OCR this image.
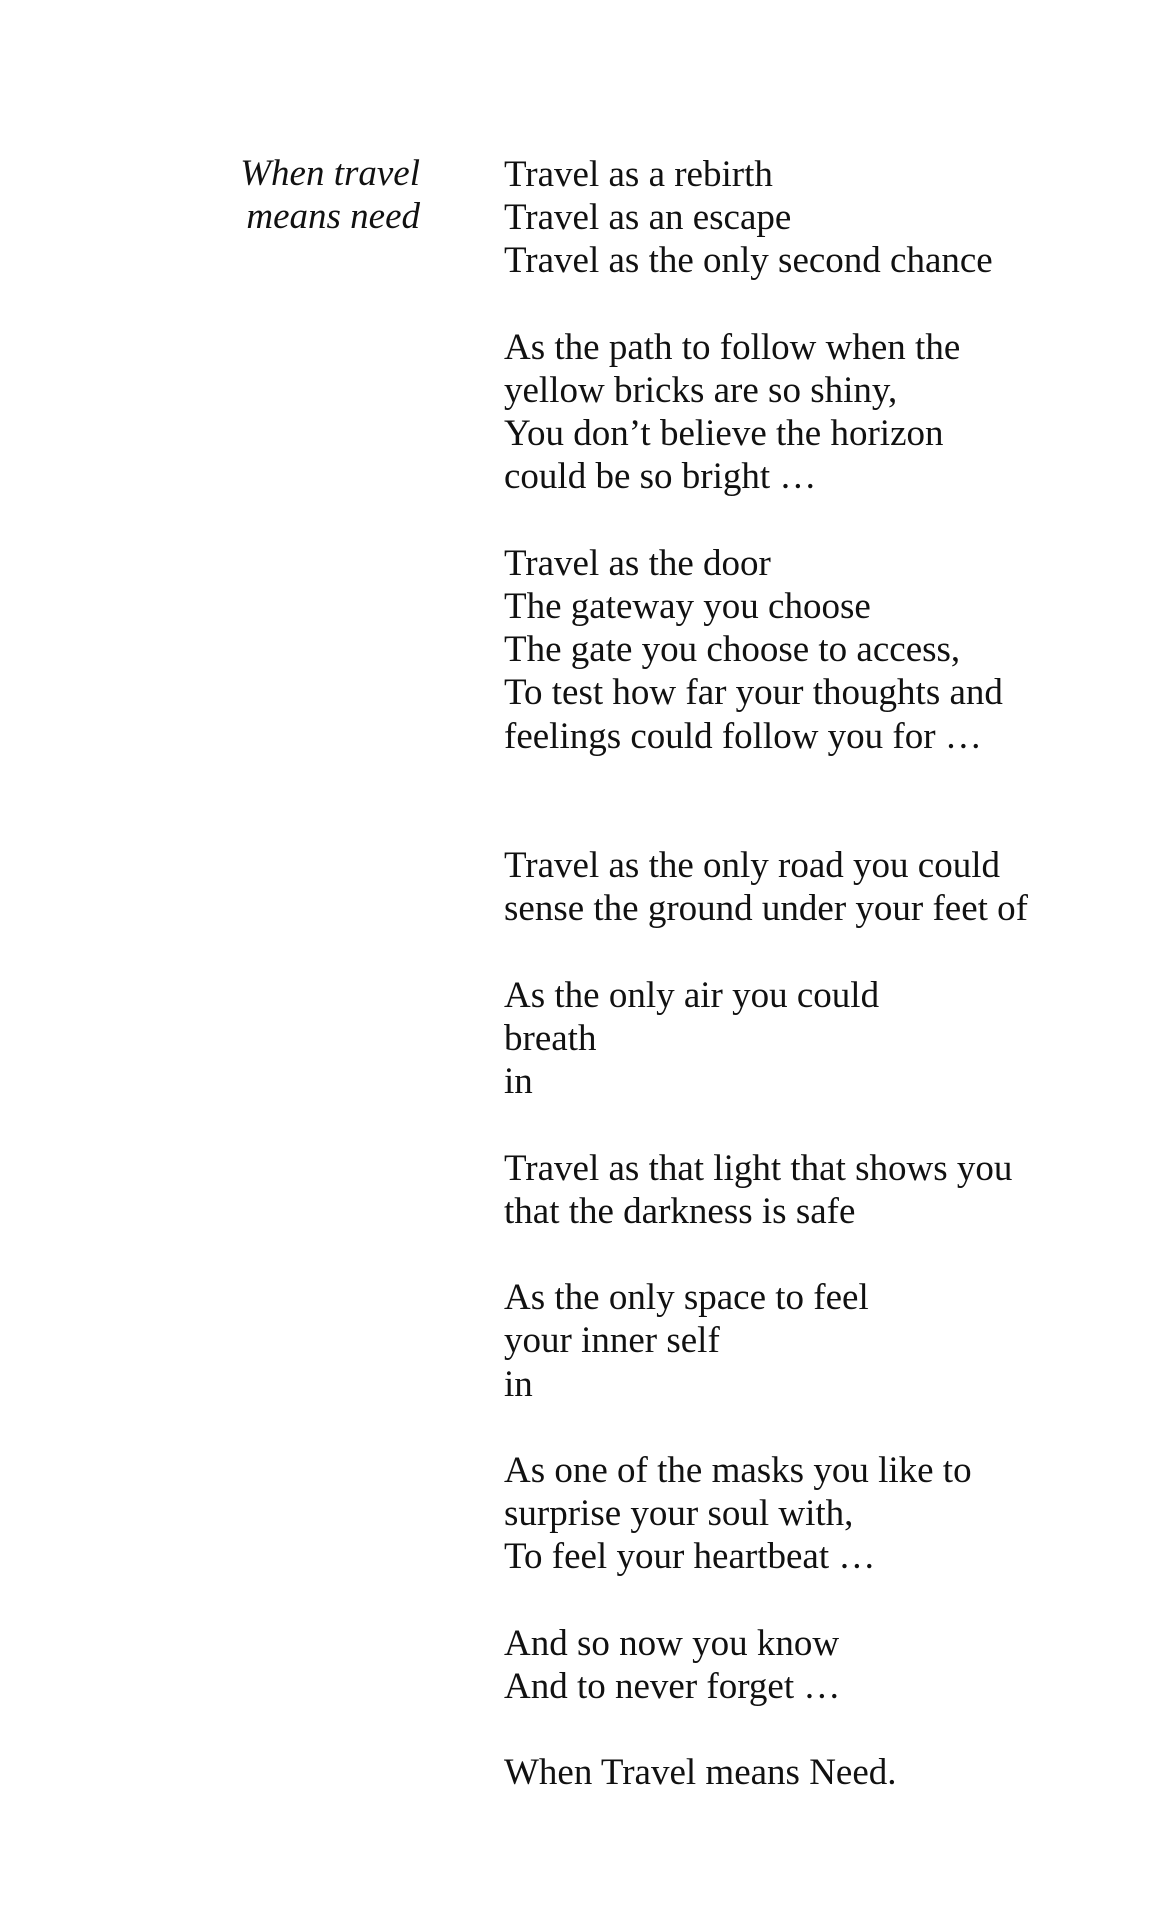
When travel
means need
Travel as a rebirth
Travel as an escape
Travel as the only second chance
As the path to follow when the
yellow bricks are so shiny,
You don’t believe the horizon
could be so bright …
Travel as the door
The gateway you choose
The gate you choose to access,
To test how far your thoughts and
feelings could follow you for …
Travel as the only road you could
sense the ground under your feet of
As the only air you could
breath
in
Travel as that light that shows you
that the darkness is safe
As the only space to feel
your inner self
in
As one of the masks you like to
surprise your soul with,
To feel your heartbeat …
And so now you know
And to never forget …
When Travel means Need.
